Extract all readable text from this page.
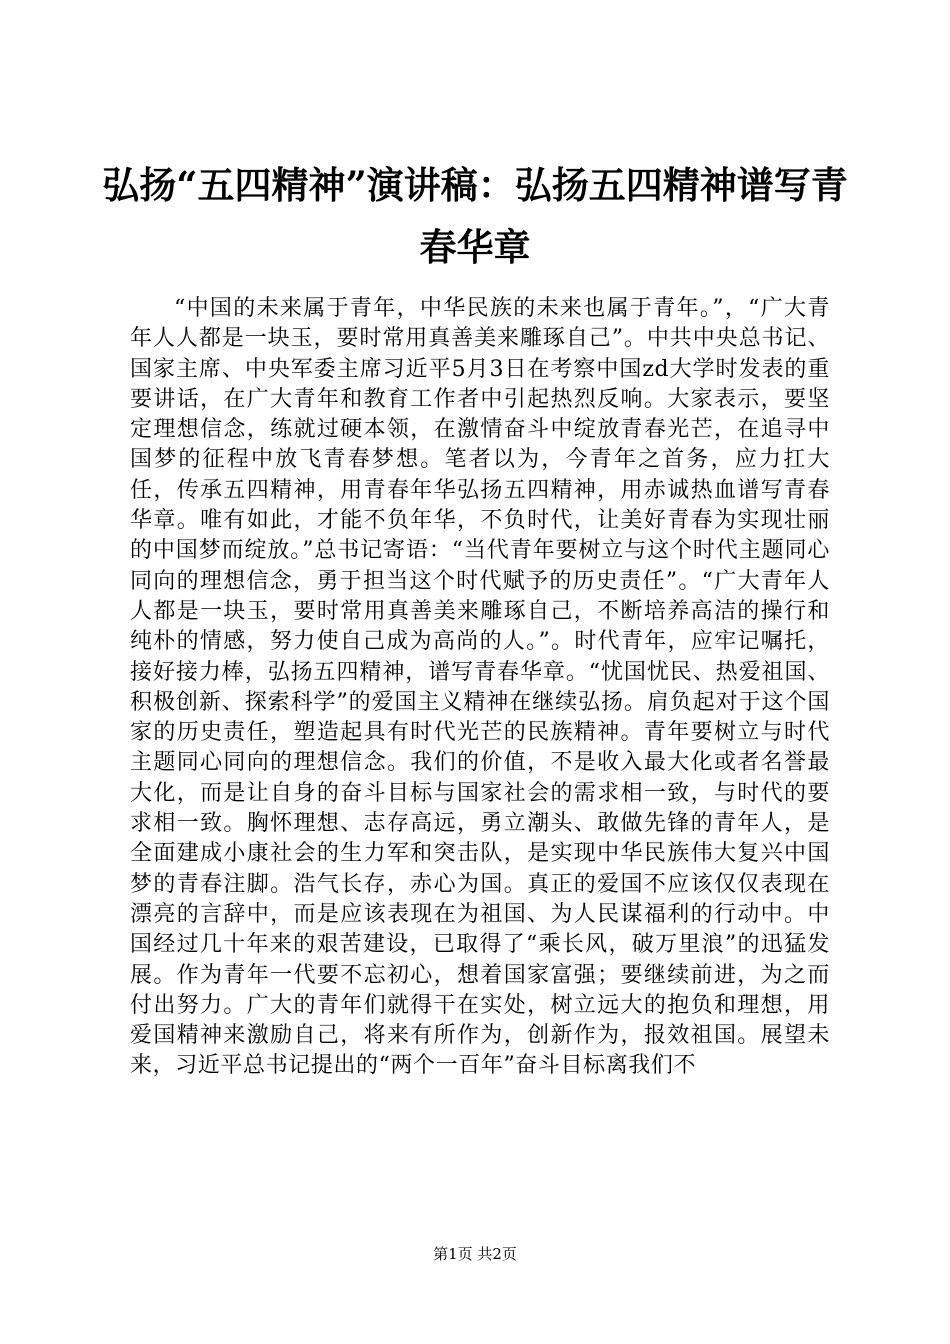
弘扬“五四精神”演讲稿：弘扬五四精神谱写青春华章

“中国的未来属于青年，中华民族的未来也属于青年。”，“广大青年人人都是一块玉，要时常用真善美来雕琢自己”。中共中央总书记、国家主席、中央军委主席习近平5月3日在考察中国zd大学时发表的重要讲话，在广大青年和教育工作者中引起热烈反响。大家表示，要坚定理想信念，练就过硬本领，在激情奋斗中绽放青春光芒，在追寻中国梦的征程中放飞青春梦想。笔者以为，今青年之首务，应力扛大任，传承五四精神，用青春年华弘扬五四精神，用赤诚热血谱写青春华章。唯有如此，才能不负年华，不负时代，让美好青春为实现壮丽的中国梦而绽放。”总书记寄语：“当代青年要树立与这个时代主题同心同向的理想信念，勇于担当这个时代赋予的历史责任”。“广大青年人人都是一块玉，要时常用真善美来雕琢自己，不断培养高洁的操行和纯朴的情感，努力使自己成为高尚的人。”。时代青年，应牢记嘱托，接好接力棒，弘扬五四精神，谱写青春华章。“忧国忧民、热爱祖国、积极创新、探索科学”的爱国主义精神在继续弘扬。肩负起对于这个国家的历史责任，塑造起具有时代光芒的民族精神。青年要树立与时代主题同心同向的理想信念。我们的价值，不是收入最大化或者名誉最大化，而是让自身的奋斗目标与国家社会的需求相一致，与时代的要求相一致。胸怀理想、志存高远，勇立潮头、敢做先锋的青年人，是全面建成小康社会的生力军和突击队，是实现中华民族伟大复兴中国梦的青春注脚。浩气长存，赤心为国。真正的爱国不应该仅仅表现在漂亮的言辞中，而是应该表现在为祖国、为人民谋福利的行动中。中国经过几十年来的艰苦建设，已取得了“乘长风，破万里浪”的迅猛发展。作为青年一代要不忘初心，想着国家富强；要继续前进，为之而付出努力。广大的青年们就得干在实处，树立远大的抱负和理想，用爱国精神来激励自己，将来有所作为，创新作为，报效祖国。展望未来，习近平总书记提出的“两个一百年”奋斗目标离我们不

第1页 共2页
